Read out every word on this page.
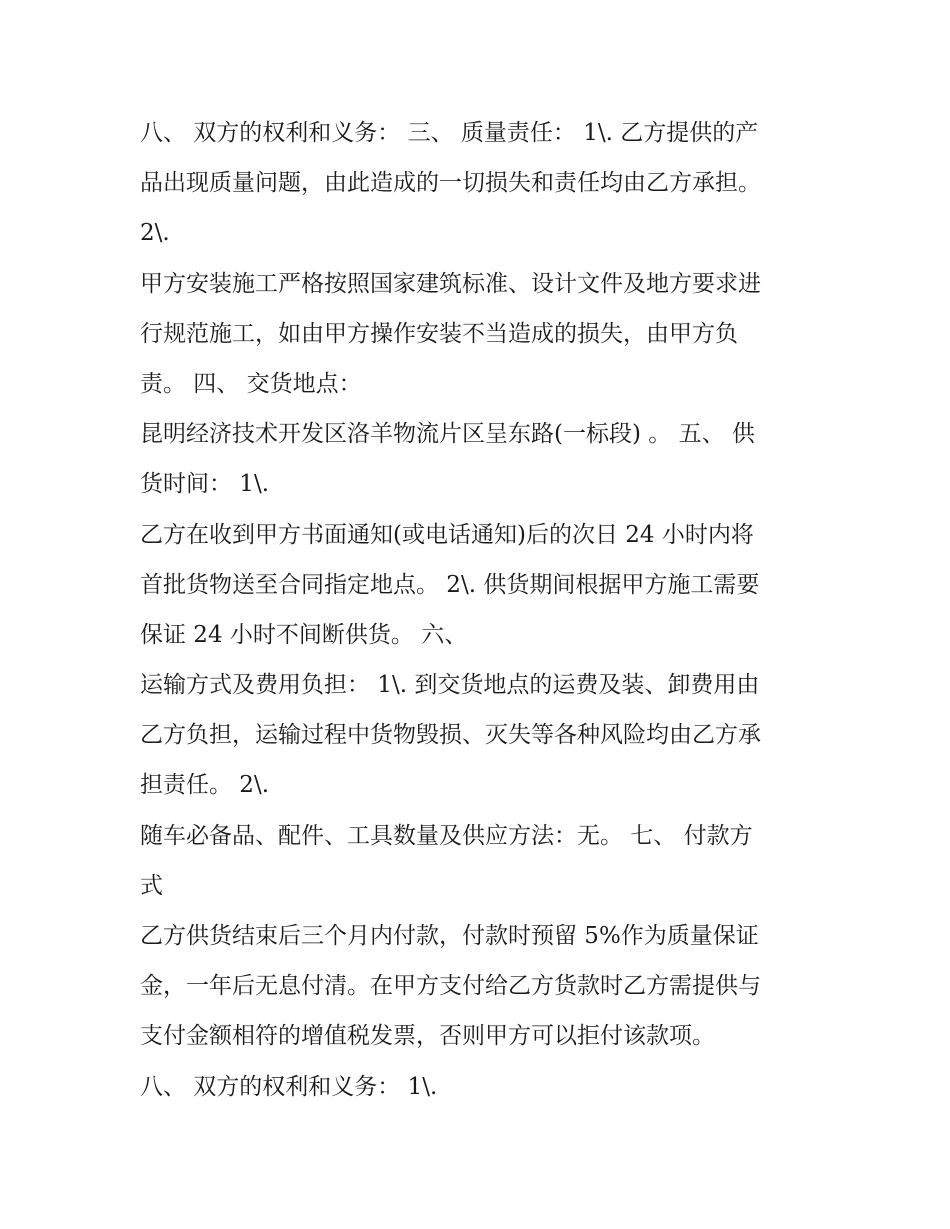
八、 双方的权利和义务： 三、 质量责任： 1\. 乙方提供的产
品出现质量问题，由此造成的一切损失和责任均由乙方承担。
2\.
甲方安装施工严格按照国家建筑标准、设计文件及地方要求进
行规范施工，如由甲方操作安装不当造成的损失，由甲方负
责。 四、 交货地点：
昆明经济技术开发区洛羊物流片区呈东路(一标段) 。 五、 供
货时间： 1\.
乙方在收到甲方书面通知(或电话通知)后的次日 24 小时内将
首批货物送至合同指定地点。 2\. 供货期间根据甲方施工需要
保证 24 小时不间断供货。 六、
运输方式及费用负担： 1\. 到交货地点的运费及装、卸费用由
乙方负担，运输过程中货物毁损、灭失等各种风险均由乙方承
担责任。 2\.
随车必备品、配件、工具数量及供应方法：无。 七、 付款方
式
乙方供货结束后三个月内付款，付款时预留 5%作为质量保证
金，一年后无息付清。在甲方支付给乙方货款时乙方需提供与
支付金额相符的增值税发票，否则甲方可以拒付该款项。
八、 双方的权利和义务： 1\.
